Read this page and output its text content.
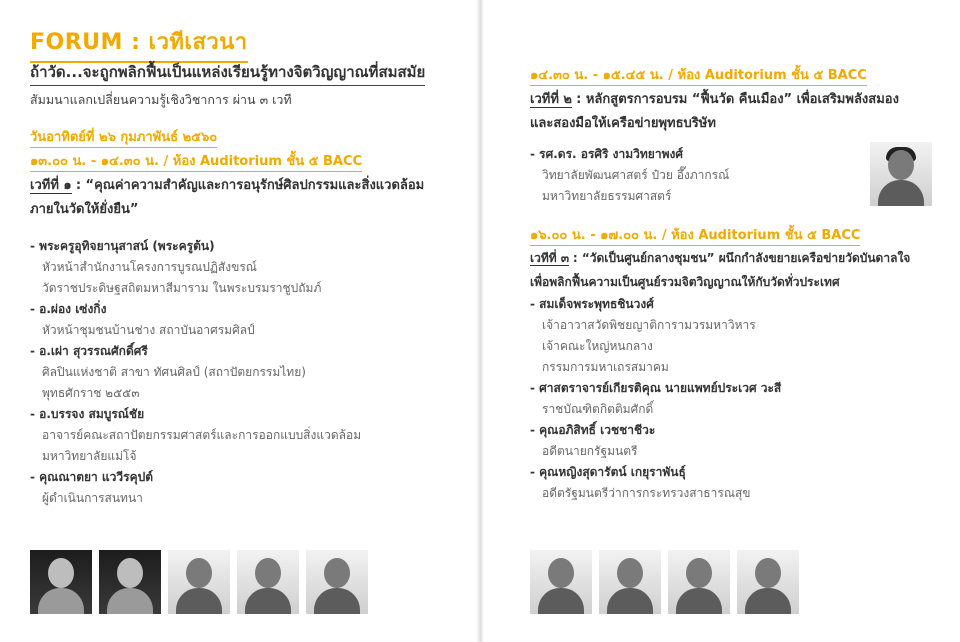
FORUM : เวทีเสวนา
ถ้าวัด...จะถูกพลิกฟื้นเป็นแหล่งเรียนรู้ทางจิตวิญญาณที่สมสมัย
สัมมนาแลกเปลี่ยนความรู้เชิงวิชาการ ผ่าน ๓ เวที
วันอาทิตย์ที่ ๒๖ กุมภาพันธ์ ๒๕๖๐
๑๓.๐๐ น. - ๑๔.๓๐ น. / ห้อง Auditorium ชั้น ๕ BACC
เวทีที่ ๑ : “คุณค่าความสำคัญและการอนุรักษ์ศิลปกรรมและสิ่งแวดล้อม
ภายในวัดให้ยั่งยืน”
- พระครูอุทิจยานุสาสน์ (พระครูต้น)
หัวหน้าสำนักงานโครงการบูรณปฏิสังขรณ์
วัดราชประดิษฐสถิตมหาสีมาราม ในพระบรมราชูปถัมภ์
- อ.ผ่อง เซ่งกิ่ง
หัวหน้าชุมชนบ้านช่าง สถาบันอาศรมศิลป์
- อ.เผ่า สุวรรณศักดิ์ศรี
ศิลปินแห่งชาติ สาขา ทัศนศิลป์ (สถาปัตยกรรมไทย)
พุทธศักราช ๒๕๕๓
- อ.บรรจง สมบูรณ์ชัย
อาจารย์คณะสถาปัตยกรรมศาสตร์และการออกแบบสิ่งแวดล้อม
มหาวิทยาลัยแม่โจ้
- คุณณาตยา แววีรคุปต์
ผู้ดำเนินการสนทนา
๑๔.๓๐ น. - ๑๕.๔๕ น. / ห้อง Auditorium ชั้น ๕ BACC
เวทีที่ ๒ : หลักสูตรการอบรม “ฟื้นวัด คืนเมือง” เพื่อเสริมพลังสมอง
และสองมือให้เครือข่ายพุทธบริษัท
- รศ.ดร. อรศิริ งามวิทยาพงศ์
วิทยาลัยพัฒนศาสตร์ ป๋วย อึ๊งภากรณ์
มหาวิทยาลัยธรรมศาสตร์
๑๖.๐๐ น. - ๑๗.๐๐ น. / ห้อง Auditorium ชั้น ๕ BACC
เวทีที่ ๓ : “วัดเป็นศูนย์กลางชุมชน” ผนึกกำลังขยายเครือข่ายวัดบันดาลใจ
เพื่อพลิกฟื้นความเป็นศูนย์รวมจิตวิญญาณให้กับวัดทั่วประเทศ
- สมเด็จพระพุทธชินวงศ์
เจ้าอาวาสวัดพิชยญาติการามวรมหาวิหาร
เจ้าคณะใหญ่หนกลาง
กรรมการมหาเถรสมาคม
- ศาสตราจารย์เกียรติคุณ นายแพทย์ประเวศ วะสี
ราชบัณฑิตกิตติมศักดิ์
- คุณอภิสิทธิ์ เวชชาชีวะ
อดีตนายกรัฐมนตรี
- คุณหญิงสุดารัตน์ เกยุราพันธุ์
อดีตรัฐมนตรีว่าการกระทรวงสาธารณสุข
